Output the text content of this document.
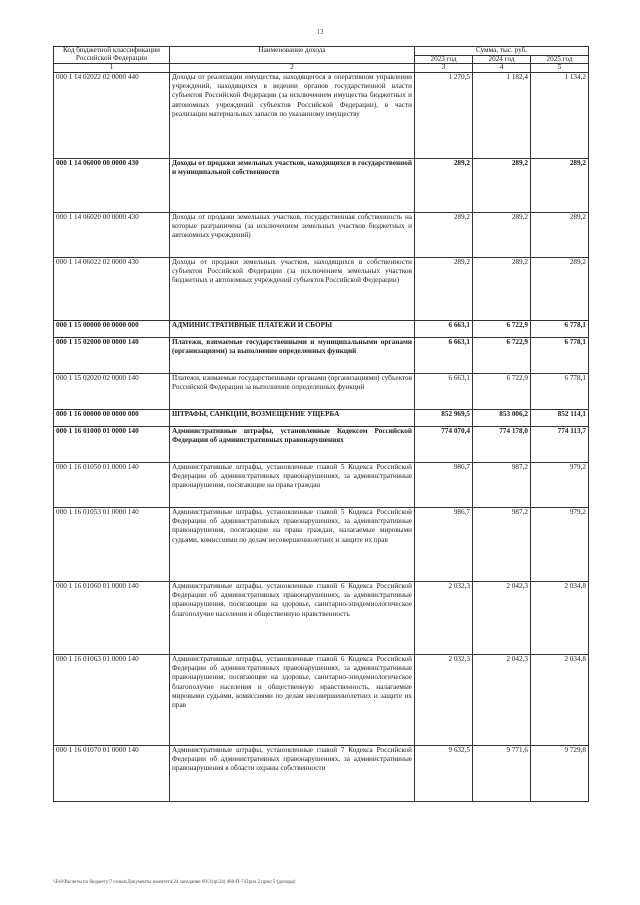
13
Код бюджетной классификации Российской Федерации	Наименование дохода	Сумма, тыс. руб.		
		2023 год	2024 год	2025 год
1	2	3	4	5
000 1 14 02022 02 0000 440	Доходы от реализации имущества, находящегося в оперативном управлении учреждений, находящихся в ведении органов государственной власти субъектов Российской Федерации (за исключением имущества бюджетных и автономных учреждений субъектов Российской Федерации), в части реализации материальных запасов по указанному имуществу	1 270,5	1 182,4	1 134,2
000 1 14 06000 00 0000 430	Доходы от продажи земельных участков, находящихся в государственной и муниципальной собственности	289,2	289,2	289,2
000 1 14 06020 00 0000 430	Доходы от продажи земельных участков, государственная собственность на которые разграничена (за исключением земельных участков бюджетных и автономных учреждений)	289,2	289,2	289,2
000 1 14 06022 02 0000 430	Доходы от продажи земельных участков, находящихся в собственности субъектов Российской Федерации (за исключением земельных участков бюджетных и автономных учреждений субъектов Российской Федерации)	289,2	289,2	289,2
000 1 15 00000 00 0000 000	АДМИНИСТРАТИВНЫЕ ПЛАТЕЖИ И СБОРЫ	6 663,1	6 722,9	6 778,1
000 1 15 02000 00 0000 140	Платежи, взимаемые государственными и муниципальными органами (организациями) за выполнение определенных функций	6 663,1	6 722,9	6 778,1
000 1 15 02020 02 0000 140	Платежи, взимаемые государственными органами (организациями) субъектов Российской Федерации за выполнение определенных функций	6 663,1	6 722,9	6 778,1
000 1 16 00000 00 0000 000	ШТРАФЫ, САНКЦИИ, ВОЗМЕЩЕНИЕ УЩЕРБА	852 969,5	853 006,2	852 114,1
000 1 16 01000 01 0000 140	Административные штрафы, установленные Кодексом Российской Федерации об административных правонарушениях	774 070,4	774 178,0	774 113,7
000 1 16 01050 01 0000 140	Административные штрафы, установленные главой 5 Кодекса Российской Федерации об административных правонарушениях, за административные правонарушения, посягающие на права граждан	986,7	987,2	979,2
000 1 16 01053 01 0000 140	Административные штрафы, установленные главой 5 Кодекса Российской Федерации об административных правонарушениях, за административные правонарушения, посягающие на права граждан, налагаемые мировыми судьями, комиссиями по делам несовершеннолетних и защите их прав	986,7	987,2	979,2
000 1 16 01060 01 0000 140	Административные штрафы, установленные главой 6 Кодекса Российской Федерации об административных правонарушениях, за административные правонарушения, посягающие на здоровье, санитарно-эпидемиологическое благополучие населения и общественную нравственность	2 032,3	2 042,3	2 034,8
000 1 16 01063 01 0000 140	Административные штрафы, установленные главой 6 Кодекса Российской Федерации об административных правонарушениях, за административные правонарушения, посягающие на здоровье, санитарно-эпидемиологическое благополучие населения и общественную нравственность, налагаемые мировыми судьями, комиссиями по делам несовершеннолетних и защите их прав	2 032,3	2 042,3	2 034,8
000 1 16 01070 01 0000 140	Административные штрафы, установленные главой 7 Кодекса Российской Федерации об административных правонарушениях, за административные правонарушения в области охраны собственности	9 632,5	9 771,6	9 729,8
\\Fs0\Расчеты по бюджету\7 созыв\Документы комитета\24 заседание 09\3\пр\24) 460-П-7\Прил 2 прил 5 (доходы)
